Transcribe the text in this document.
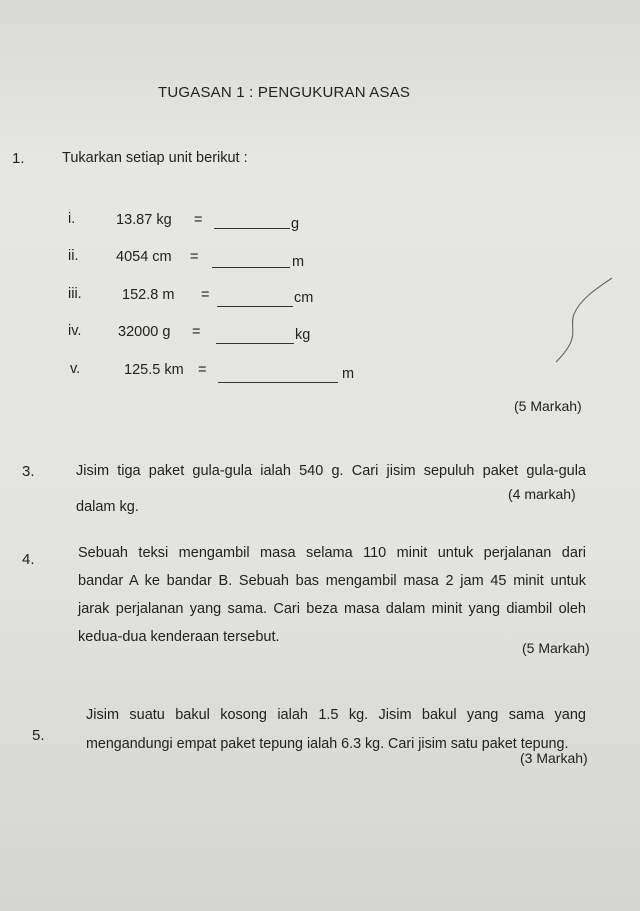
TUGASAN 1 : PENGUKURAN ASAS
1.	Tukarkan setiap unit berikut :
i.	13.87 kg =	g
ii.	4054 cm =	m
iii.	152.8 m =	cm
iv.	32000 g =	kg
v.	125.5 km =	m
(5 Markah)
3.	Jisim tiga paket gula-gula ialah 540 g. Cari jisim sepuluh paket gula-gula
dalam kg.
(4 markah)
4.	Sebuah teksi mengambil masa selama 110 minit untuk perjalanan dari
bandar A ke bandar B. Sebuah bas mengambil masa 2 jam 45 minit untuk
jarak perjalanan yang sama. Cari beza masa dalam minit yang diambil oleh
kedua-dua kenderaan tersebut.
(5 Markah)
5.
Jisim suatu bakul kosong ialah 1.5 kg. Jisim bakul yang sama yang
mengandungi empat paket tepung ialah 6.3 kg. Cari jisim satu paket tepung.
(3 Markah)
